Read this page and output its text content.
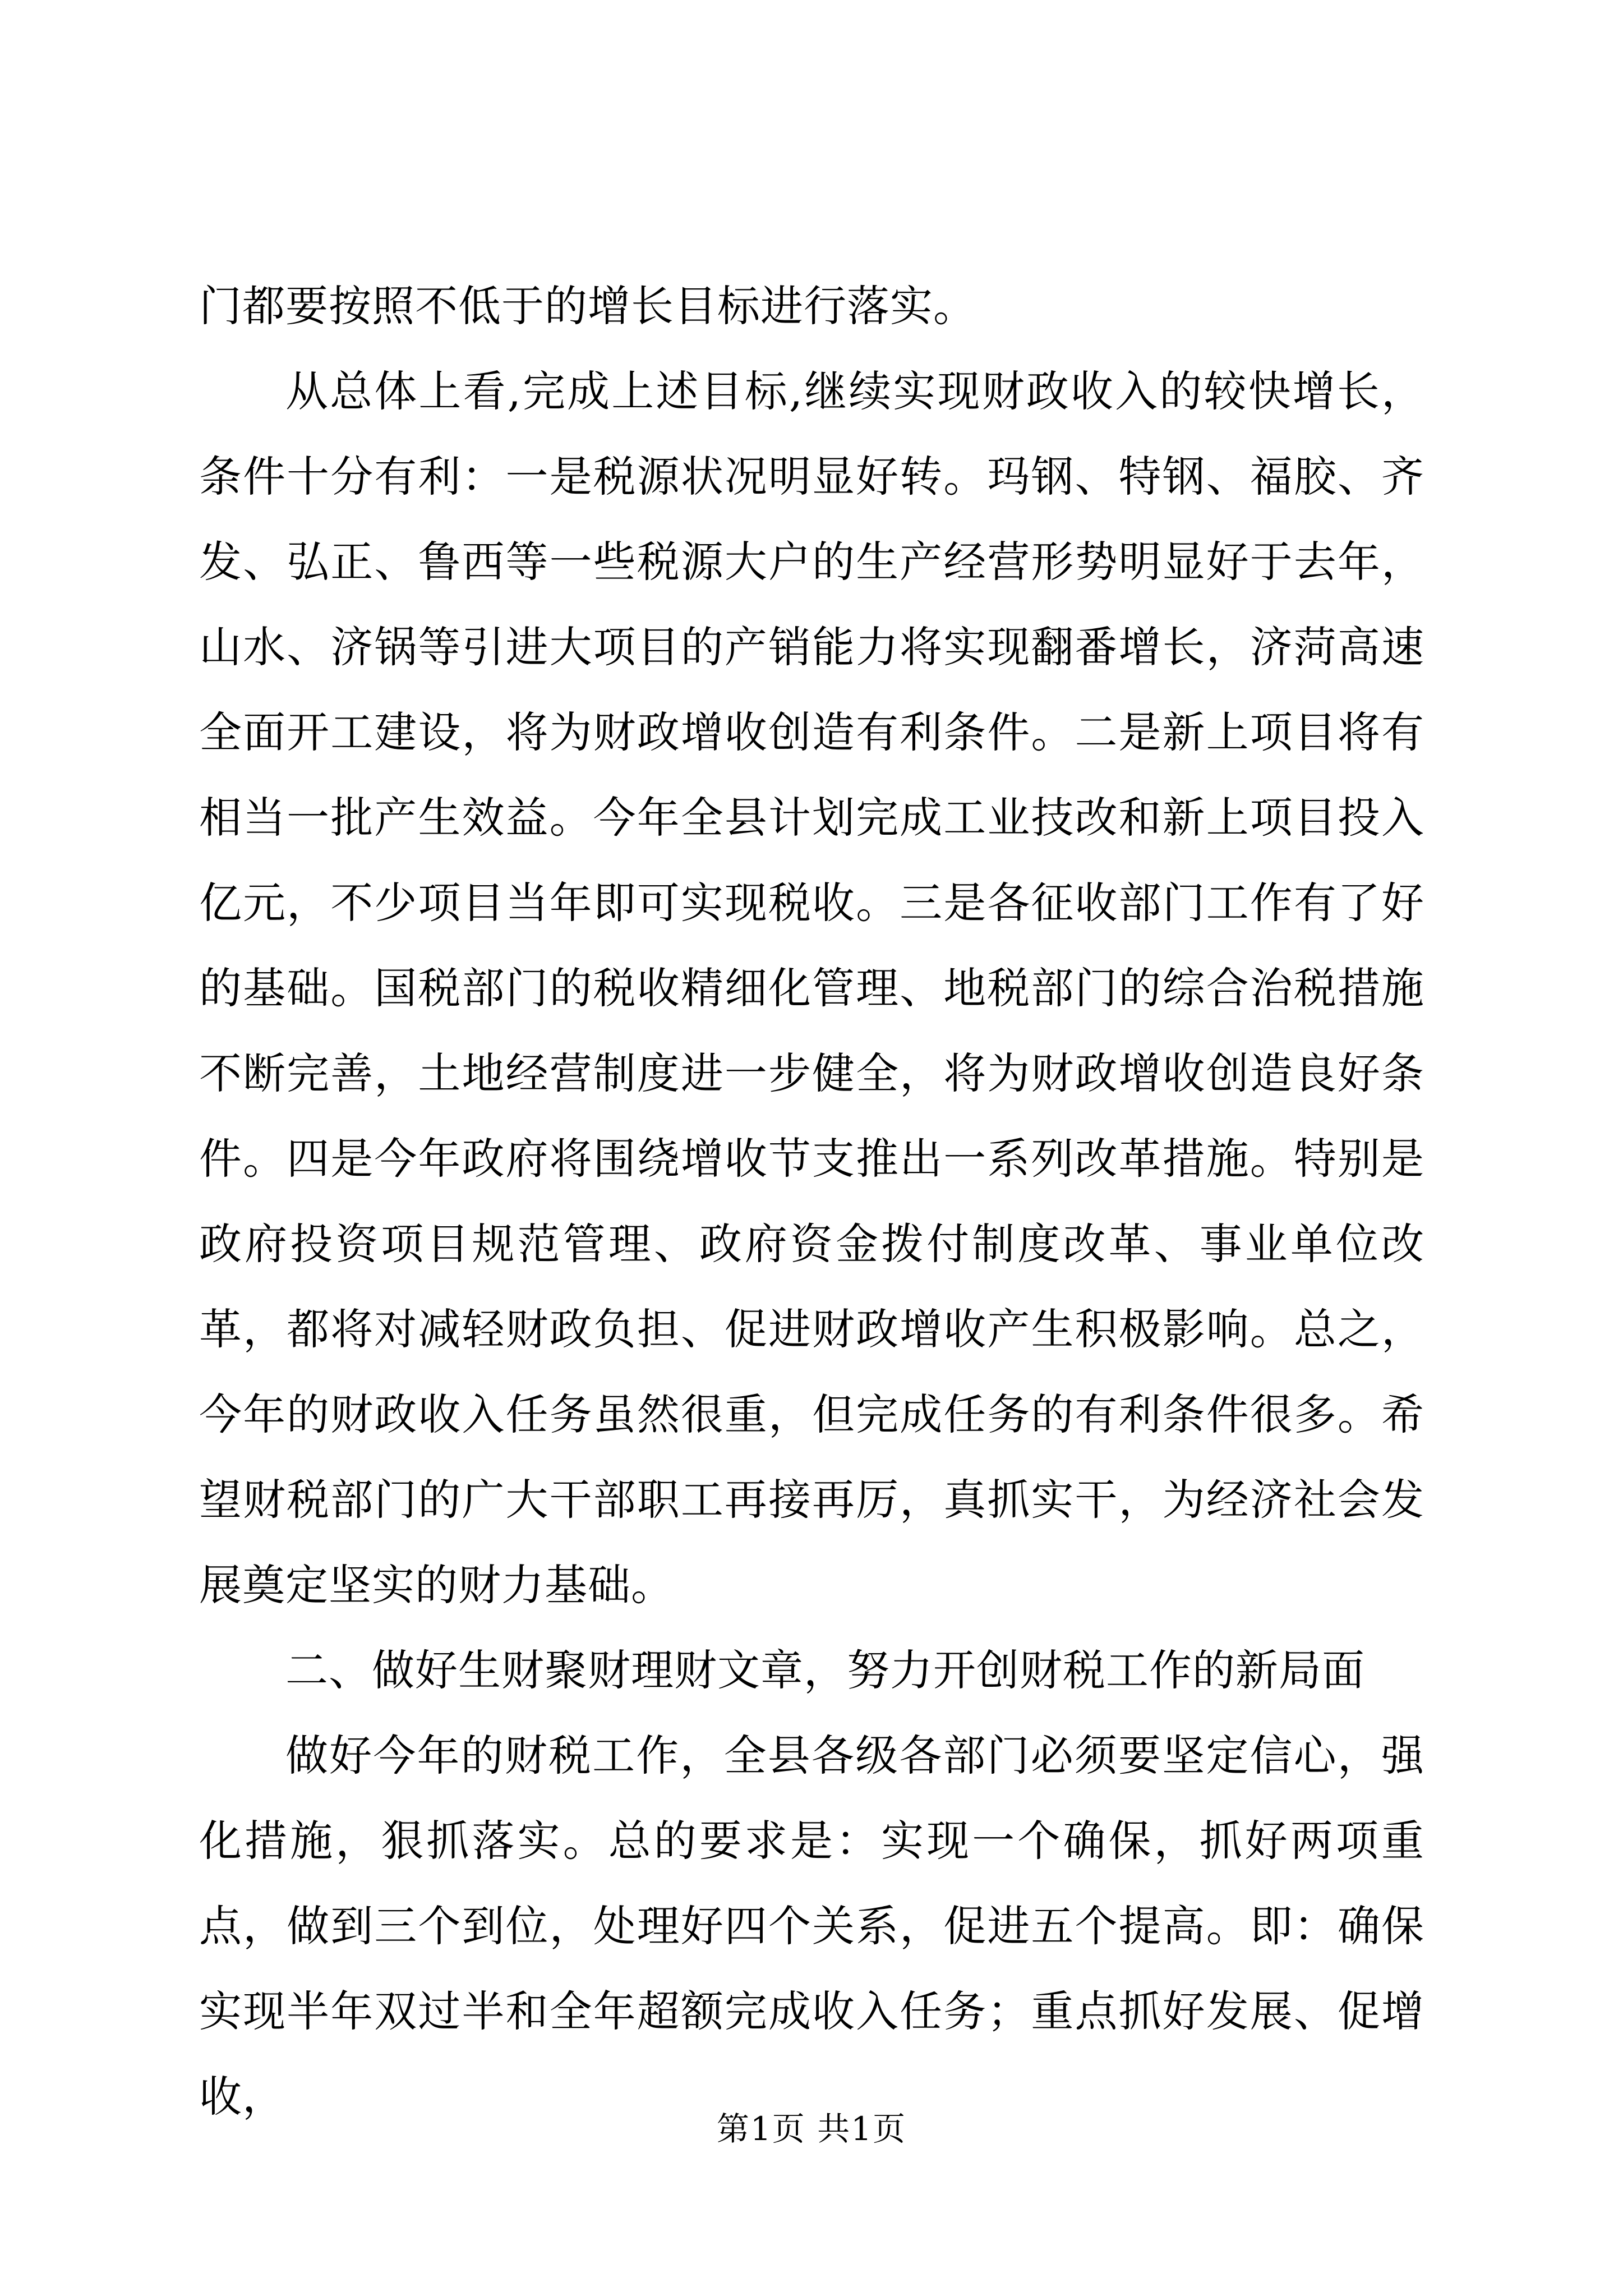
门都要按照不低于的增长目标进行落实。

从总体上看,完成上述目标,继续实现财政收入的较快增长，条件十分有利：一是税源状况明显好转。玛钢、特钢、福胶、齐发、弘正、鲁西等一些税源大户的生产经营形势明显好于去年，山水、济锅等引进大项目的产销能力将实现翻番增长，济菏高速全面开工建设，将为财政增收创造有利条件。二是新上项目将有相当一批产生效益。今年全县计划完成工业技改和新上项目投入亿元，不少项目当年即可实现税收。三是各征收部门工作有了好的基础。国税部门的税收精细化管理、地税部门的综合治税措施不断完善，土地经营制度进一步健全，将为财政增收创造良好条件。四是今年政府将围绕增收节支推出一系列改革措施。特别是政府投资项目规范管理、政府资金拨付制度改革、事业单位改革，都将对减轻财政负担、促进财政增收产生积极影响。总之，今年的财政收入任务虽然很重，但完成任务的有利条件很多。希望财税部门的广大干部职工再接再厉，真抓实干，为经济社会发展奠定坚实的财力基础。

二、做好生财聚财理财文章，努力开创财税工作的新局面

做好今年的财税工作，全县各级各部门必须要坚定信心，强化措施，狠抓落实。总的要求是：实现一个确保，抓好两项重点，做到三个到位，处理好四个关系，促进五个提高。即：确保实现半年双过半和全年超额完成收入任务；重点抓好发展、促增收，

第1页 共1页
